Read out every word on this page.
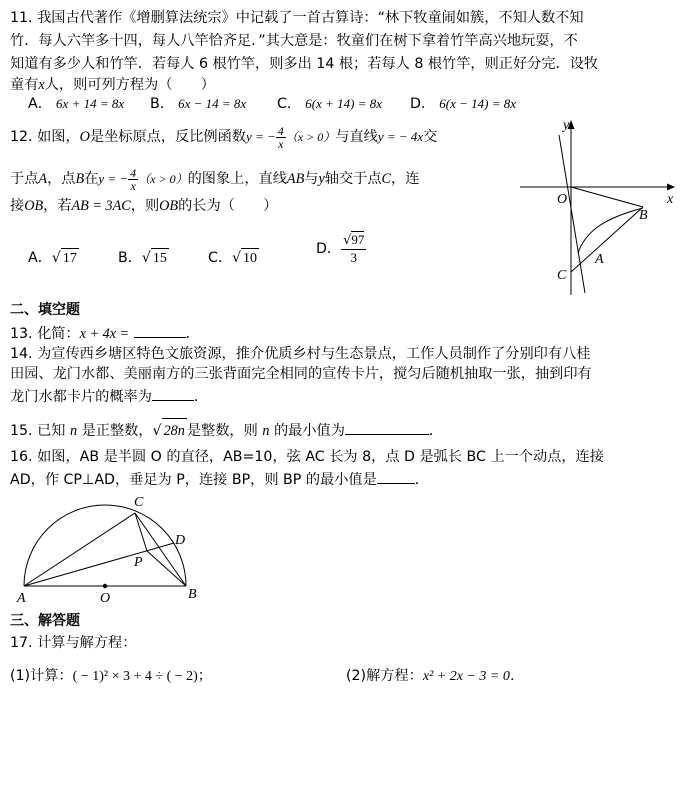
11. 我国古代著作《增删算法统宗》中记载了一首古算诗：“林下牧童闹如簇，不知人数不知
竹．每人六竿多十四，每人八竿恰齐足．”其大意是：牧童们在树下拿着竹竿高兴地玩耍，不
知道有多少人和竹竿．若每人 6 根竹竿，则多出 14 根；若每人 8 根竹竿，则正好分完．设牧
童有x人，则可列方程为（　　）
A． 6x + 14 = 8x B． 6x − 14 = 8x C． 6(x + 14) = 8x D． 6(x − 14) = 8x
12. 如图，O是坐标原点，反比例函数y = − $\frac{4}{x} (x > 0)$与直线y = − 4x交
于点A，点B在y = − $\frac{4}{x} (x > 0)$的图象上，直线AB与y轴交于点C，连
接OB，若AB = 3AC，则OB的长为（　　）
A．√ 17	B．√ 15	C．√ 10
D． $\frac{√97}{3}$
y
x
O
B
A
C
二、填空题
13. 化简：x + 4x =	．
14. 为宣传西乡塘区特色文旅资源，推介优质乡村与生态景点，工作人员制作了分别印有八桂
田园、龙门水都、美丽南方的三张背面完全相同的宣传卡片，搅匀后随机抽取一张，抽到印有
龙门水都卡片的概率为	．
15. 已知 n 是正整数，√ 28n 是整数，则 n 的最小值为	．
16. 如图，AB 是半圆 O 的直径，AB=10，弦 AC 长为 8，点 D 是弧长 BC 上一个动点，连接
AD，作 CP⊥AD，垂足为 P，连接 BP，则 BP 的最小值是	．
C
D
P
A	O	B
三、解答题
17. 计算与解方程：
(1)计算：( − 1)² × 3 + 4 ÷ ( − 2)；	(2)解方程：x² + 2x − 3 = 0．
